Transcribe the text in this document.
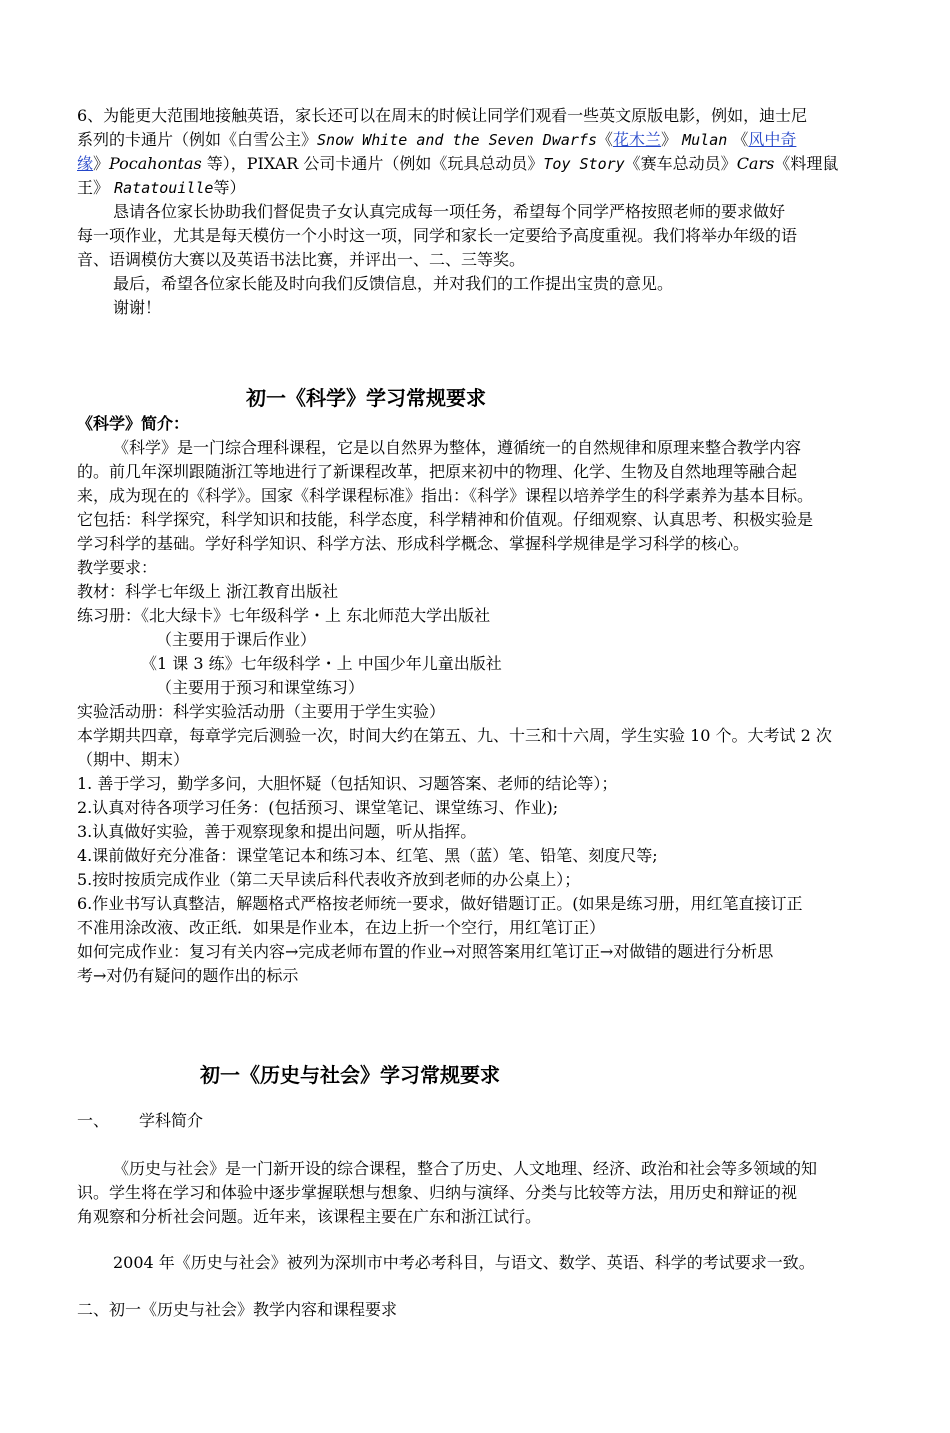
6、为能更大范围地接触英语，家长还可以在周末的时候让同学们观看一些英文原版电影，例如，迪士尼
系列的卡通片（例如《白雪公主》Snow White and the Seven Dwarfs《花木兰》 Mulan 《风中奇
缘》Pocahontas 等），PIXAR 公司卡通片（例如《玩具总动员》Toy Story《赛车总动员》Cars《料理鼠
王》 Ratatouille等）
恳请各位家长协助我们督促贵子女认真完成每一项任务，希望每个同学严格按照老师的要求做好
每一项作业，尤其是每天模仿一个小时这一项，同学和家长一定要给予高度重视。我们将举办年级的语
音、语调模仿大赛以及英语书法比赛，并评出一、二、三等奖。
最后，希望各位家长能及时向我们反馈信息，并对我们的工作提出宝贵的意见。
谢谢！
初一《科学》学习常规要求
《科学》简介：
《科学》是一门综合理科课程，它是以自然界为整体，遵循统一的自然规律和原理来整合教学内容
的。前几年深圳跟随浙江等地进行了新课程改革，把原来初中的物理、化学、生物及自然地理等融合起
来，成为现在的《科学》。国家《科学课程标准》指出：《科学》课程以培养学生的科学素养为基本目标。
它包括：科学探究，科学知识和技能，科学态度，科学精神和价值观。仔细观察、认真思考、积极实验是
学习科学的基础。学好科学知识、科学方法、形成科学概念、掌握科学规律是学习科学的核心。
教学要求：
教材：科学七年级上 浙江教育出版社
练习册：《北大绿卡》七年级科学・上 东北师范大学出版社
（主要用于课后作业）
《1 课 3 练》七年级科学・上 中国少年儿童出版社
（主要用于预习和课堂练习）
实验活动册：科学实验活动册（主要用于学生实验）
本学期共四章，每章学完后测验一次，时间大约在第五、九、十三和十六周，学生实验 10 个。大考试 2 次
（期中、期末）
1. 善于学习，勤学多问，大胆怀疑（包括知识、习题答案、老师的结论等）；
2.认真对待各项学习任务：(包括预习、课堂笔记、课堂练习、作业);
3.认真做好实验，善于观察现象和提出问题，听从指挥。
4.课前做好充分准备：课堂笔记本和练习本、红笔、黑（蓝）笔、铅笔、刻度尺等;
5.按时按质完成作业（第二天早读后科代表收齐放到老师的办公桌上）；
6.作业书写认真整洁，解题格式严格按老师统一要求，做好错题订正。(如果是练习册，用红笔直接订正
不准用涂改液、改正纸．如果是作业本，在边上折一个空行，用红笔订正）
如何完成作业：复习有关内容→完成老师布置的作业→对照答案用红笔订正→对做错的题进行分析思
考→对仍有疑问的题作出的标示
初一《历史与社会》学习常规要求
一、 学科简介
《历史与社会》是一门新开设的综合课程，整合了历史、人文地理、经济、政治和社会等多领域的知
识。学生将在学习和体验中逐步掌握联想与想象、归纳与演绎、分类与比较等方法，用历史和辩证的视
角观察和分析社会问题。近年来，该课程主要在广东和浙江试行。
2004 年《历史与社会》被列为深圳市中考必考科目，与语文、数学、英语、科学的考试要求一致。
二、初一《历史与社会》教学内容和课程要求
